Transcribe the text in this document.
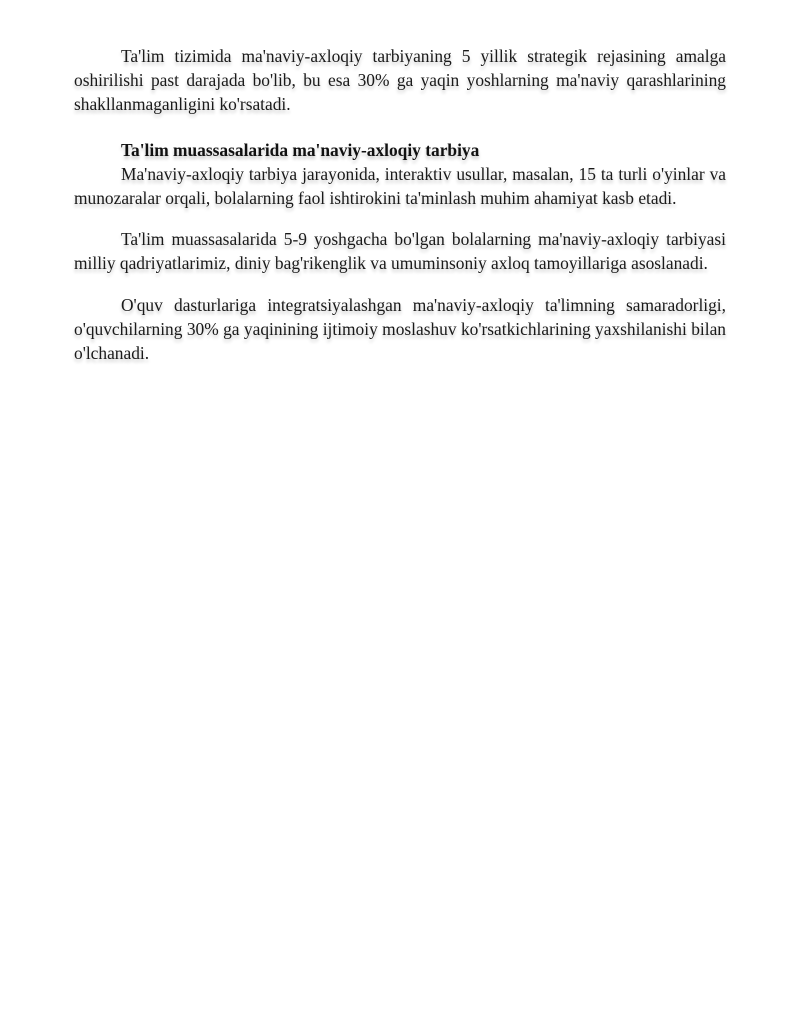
Ta'lim tizimida ma'naviy-axloqiy tarbiyaning 5 yillik strategik rejasining amalga oshirilishi past darajada bo'lib, bu esa 30% ga yaqin yoshlarning ma'naviy qarashlarining shakllanmaganligini ko'rsatadi.

Ta'lim muassasalarida ma'naviy-axloqiy tarbiya

Ma'naviy-axloqiy tarbiya jarayonida, interaktiv usullar, masalan, 15 ta turli o'yinlar va munozaralar orqali, bolalarning faol ishtirokini ta'minlash muhim ahamiyat kasb etadi.

Ta'lim muassasalarida 5-9 yoshgacha bo'lgan bolalarning ma'naviy-axloqiy tarbiyasi milliy qadriyatlarimiz, diniy bag'rikenglik va umuminsoniy axloq tamoyillariga asoslanadi.

O'quv dasturlariga integratsiyalashgan ma'naviy-axloqiy ta'limning samaradorligi, o'quvchilarning 30% ga yaqinining ijtimoiy moslashuv ko'rsatkichlarining yaxshilanishi bilan o'lchanadi.
